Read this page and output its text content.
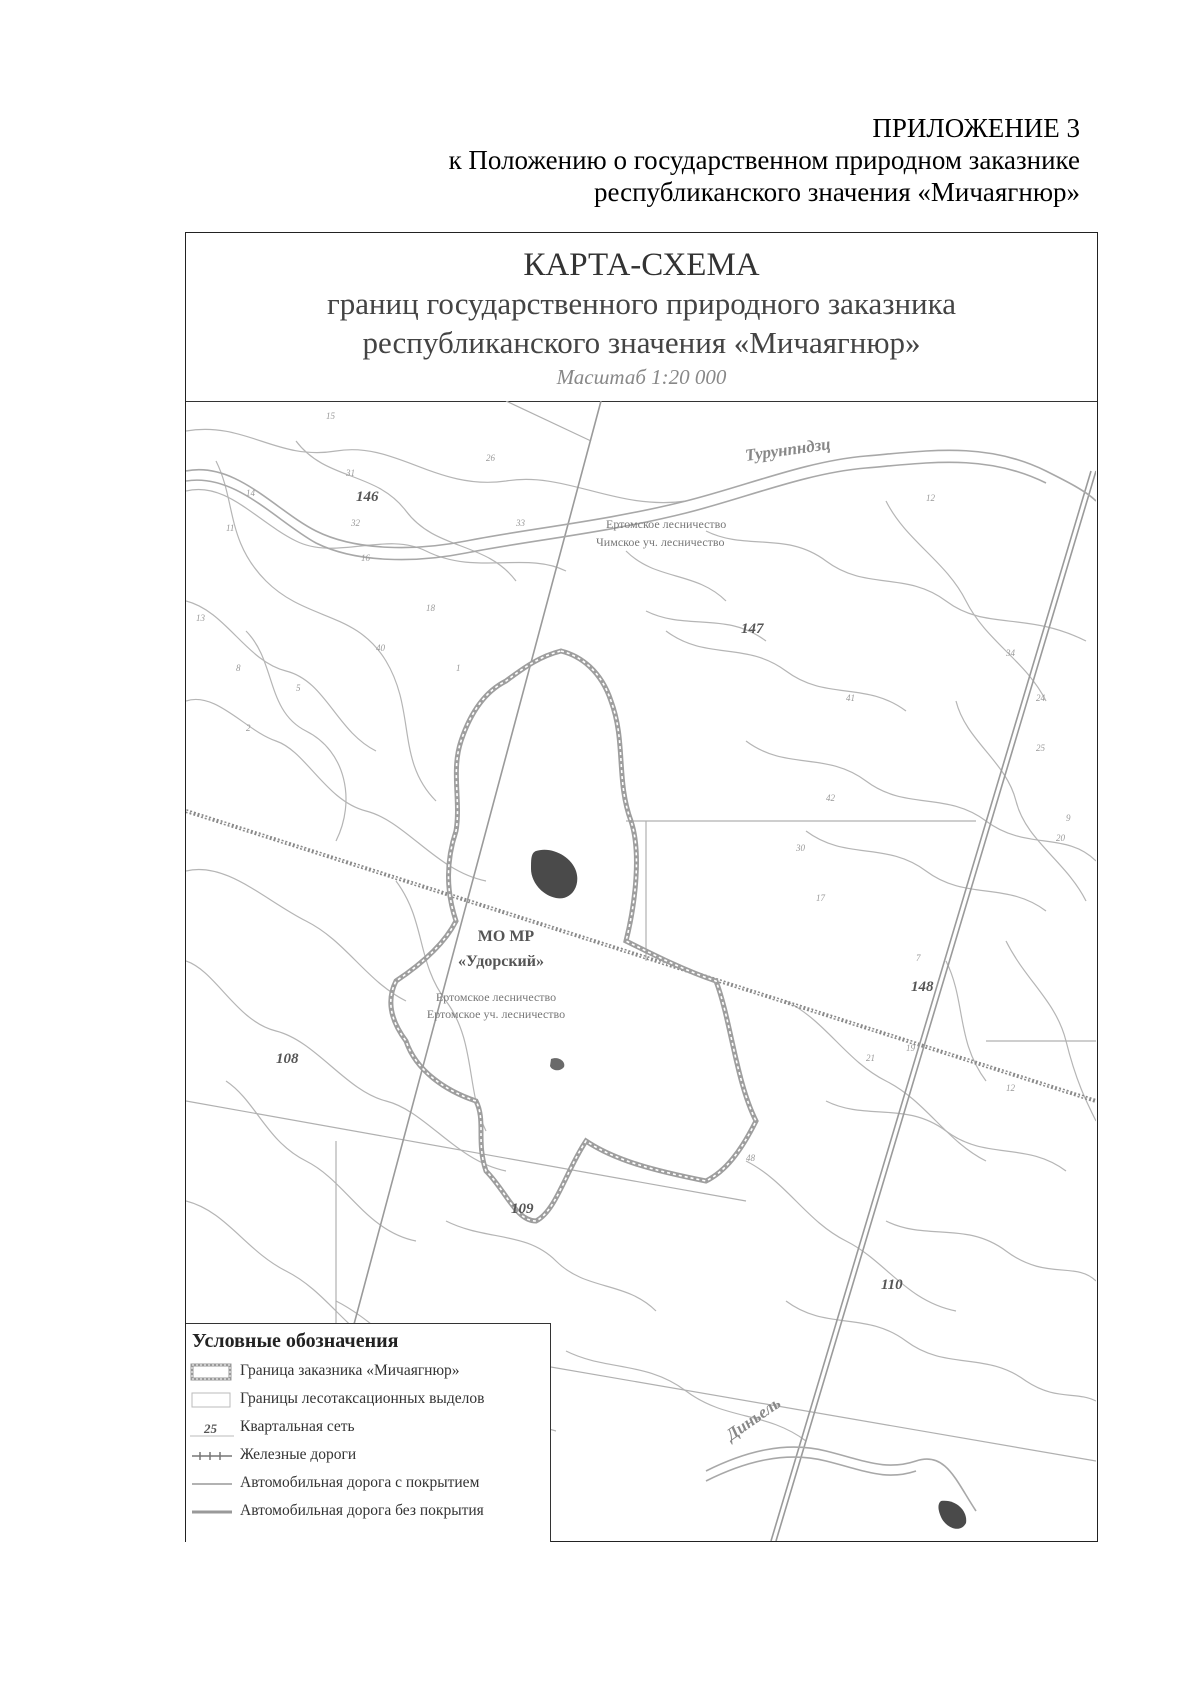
ПРИЛОЖЕНИЕ 3
к Положению о государственном природном заказнике
республиканского значения «Мичаягнюр»
КАРТА-СХЕМА
границ государственного природного заказника
республиканского значения «Мичаягнюр»
Масштаб 1:20 000
146
147
148
108
109
110
15
31
26
33
14
32
11
16
18
40
13
8	1
5
2
12
34
24
42
41
30
25
17
19
20
9
48
21
12
7
Турунпндзц
Диньель
Ертомское лесничество
Чимское уч. лесничество
МО МР
«Удорский»
Ертомское лесничество
Ертомское уч. лесничество
Условные обозначения
Граница заказника «Мичаягнюр»
Границы лесотаксационных выделов
25 Квартальная сеть
Железные дороги
Автомобильная дорога с покрытием
Автомобильная дорога без покрытия
